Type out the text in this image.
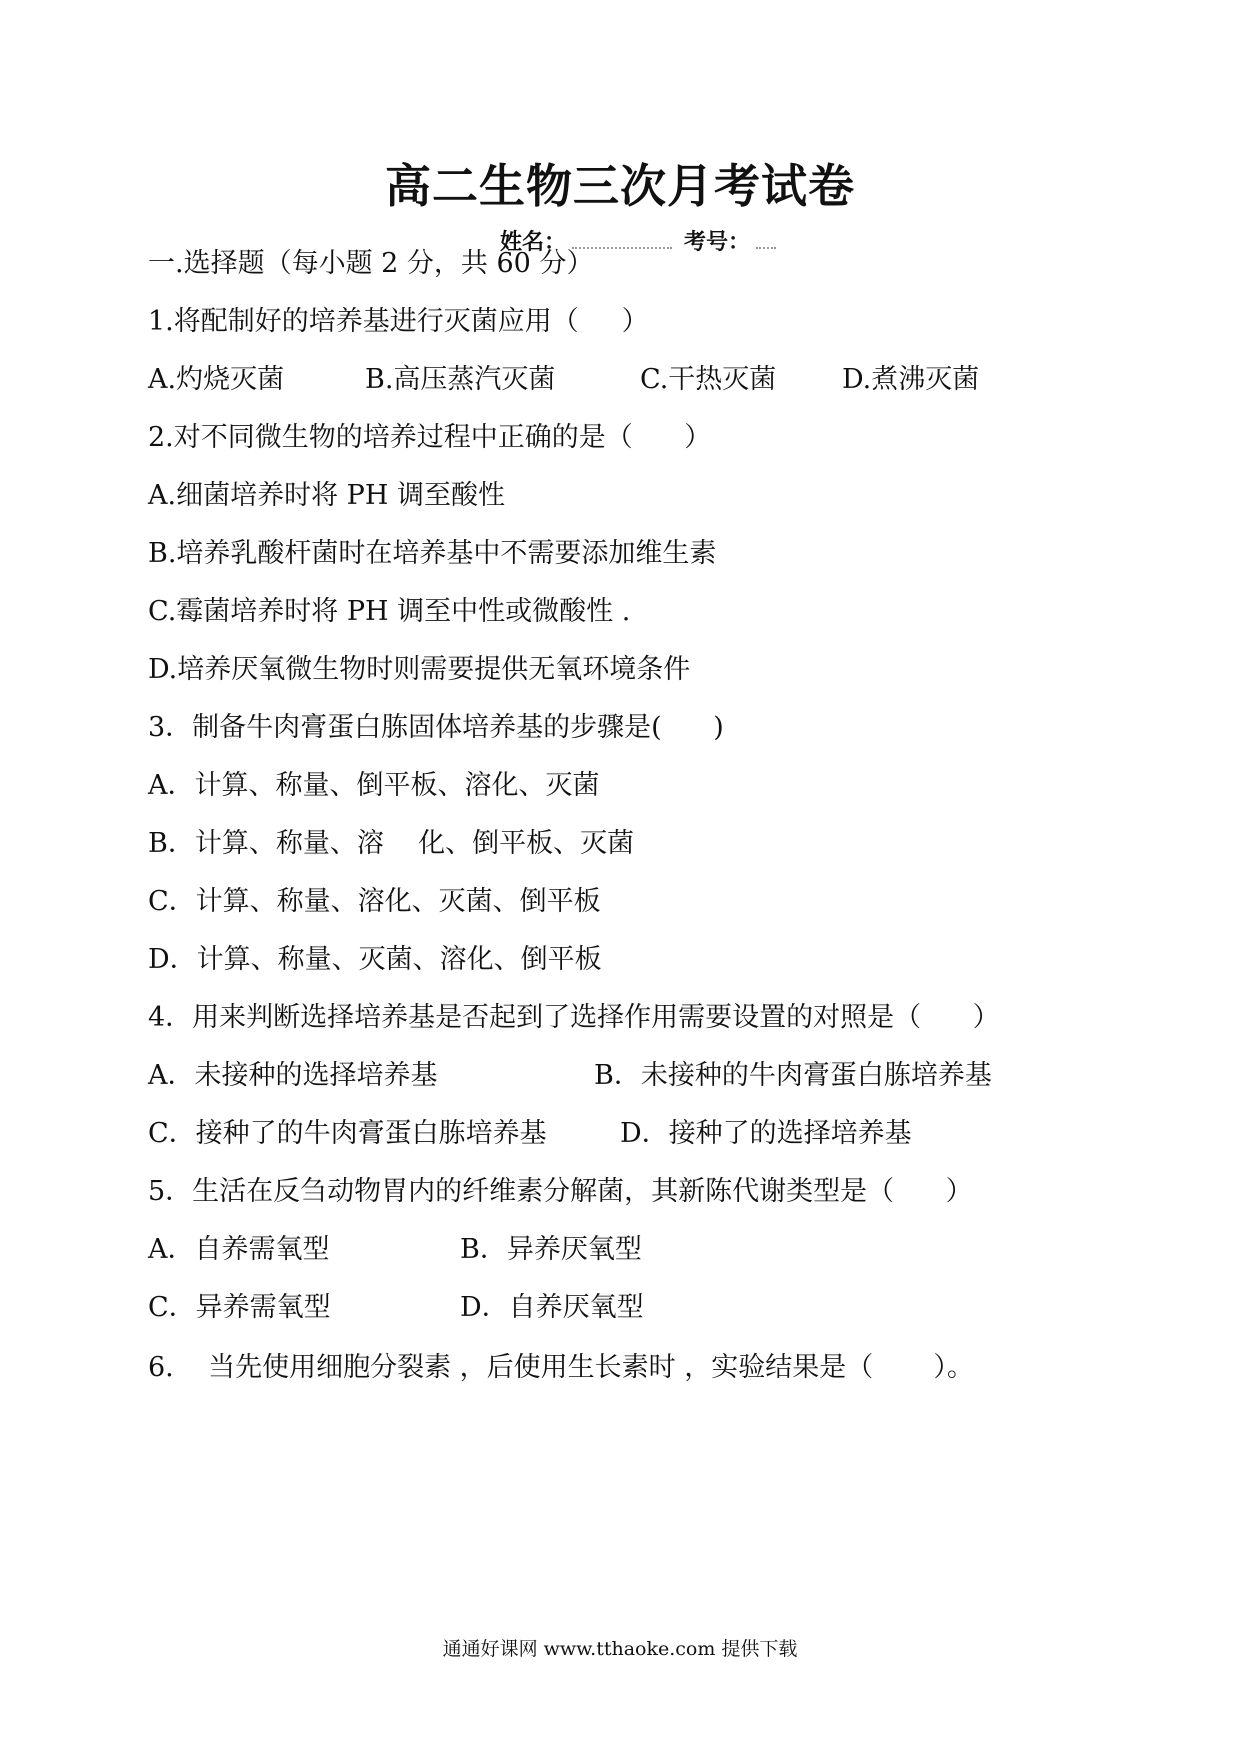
高二生物三次月考试卷
姓名：	考号：

一.选择题（每小题 2 分，共 60 分）

1.将配制好的培养基进行灭菌应用（     ）

A.灼烧灭菌	B.高压蒸汽灭菌	C.干热灭菌 D.煮沸灭菌

2.对不同微生物的培养过程中正确的是（      ）

A.细菌培养时将 PH 调至酸性

B.培养乳酸杆菌时在培养基中不需要添加维生素

C.霉菌培养时将 PH 调至中性或微酸性 .

D.培养厌氧微生物时则需要提供无氧环境条件

3．制备牛肉膏蛋白胨固体培养基的步骤是(      )

A．计算、称量、倒平板、溶化、灭菌

B．计算、称量、溶    化、倒平板、灭菌

C．计算、称量、溶化、灭菌、倒平板

D．计算、称量、灭菌、溶化、倒平板

4．用来判断选择培养基是否起到了选择作用需要设置的对照是（      ）

A．未接种的选择培养基	B．未接种的牛肉膏蛋白胨培养基
C．接种了的牛肉膏蛋白胨培养基	D．接种了的选择培养基

5．生活在反刍动物胃内的纤维素分解菌，其新陈代谢类型是（      ）

A．自养需氧型	B．异养厌氧型
C．异养需氧型	D．自养厌氧型

6.    当先使用细胞分裂素 ，后使用生长素时 ，实验结果是（       ）。

通通好课网 www.tthaoke.com 提供下载
